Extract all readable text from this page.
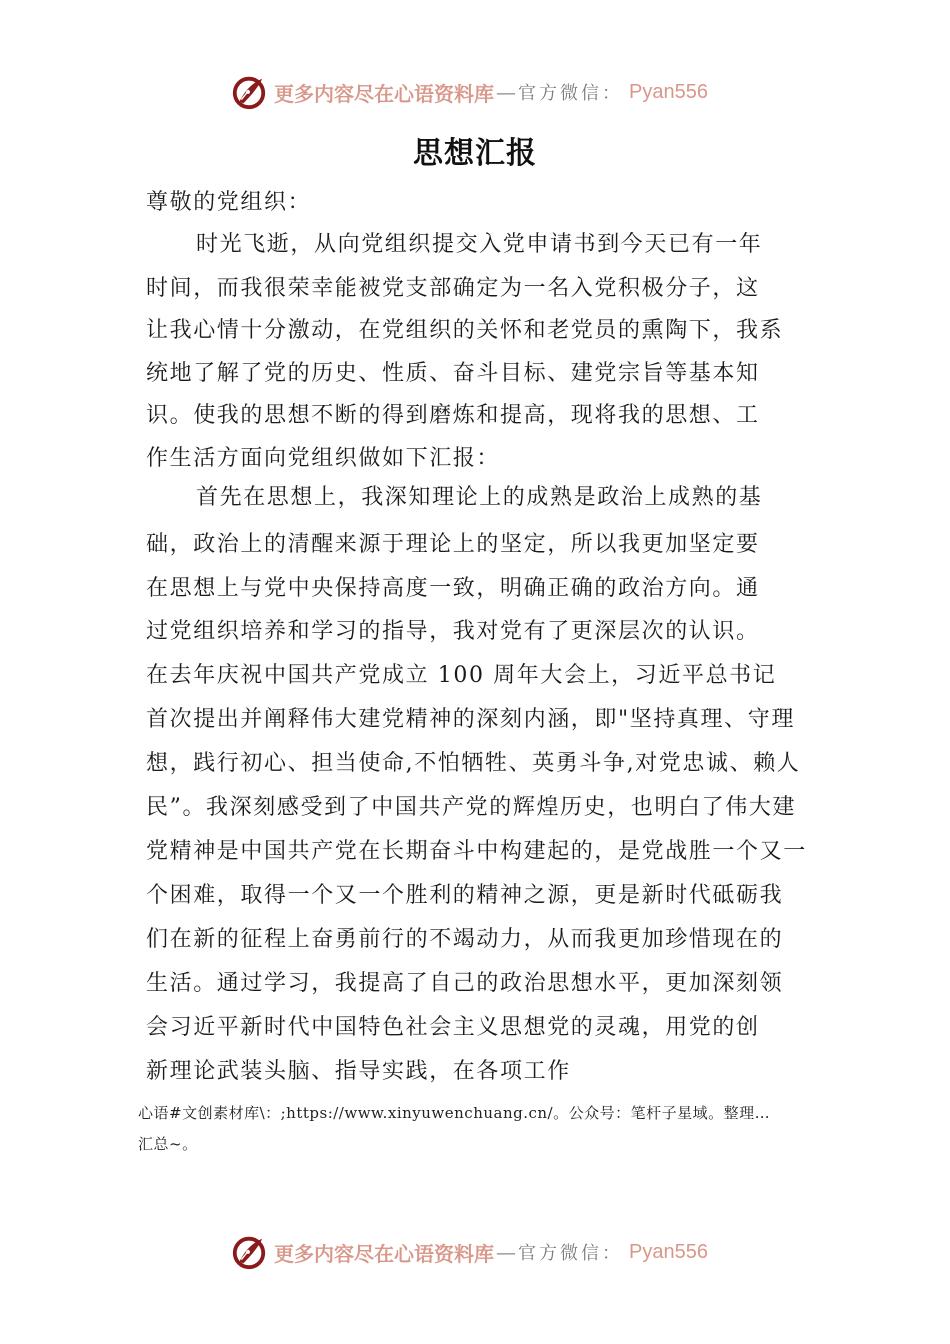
更多内容尽在心语资料库 — 官方微信： Pyan556
思想汇报
尊敬的党组织：
时光飞逝，从向党组织提交入党申请书到今天已有一年
时间，而我很荣幸能被党支部确定为一名入党积极分子，这
让我心情十分激动，在党组织的关怀和老党员的熏陶下，我系
统地了解了党的历史、性质、奋斗目标、建党宗旨等基本知
识。使我的思想不断的得到磨炼和提高，现将我的思想、工
作生活方面向党组织做如下汇报：
首先在思想上，我深知理论上的成熟是政治上成熟的基
础，政治上的清醒来源于理论上的坚定，所以我更加坚定要
在思想上与党中央保持高度一致，明确正确的政治方向。通
过党组织培养和学习的指导，我对党有了更深层次的认识。
在去年庆祝中国共产党成立 100 周年大会上，习近平总书记
首次提出并阐释伟大建党精神的深刻内涵，即"坚持真理、守理
想，践行初心、担当使命,不怕牺牲、英勇斗争,对党忠诚、赖人
民”。我深刻感受到了中国共产党的辉煌历史，也明白了伟大建
党精神是中国共产党在长期奋斗中构建起的，是党战胜一个又一
个困难，取得一个又一个胜利的精神之源，更是新时代砥砺我
们在新的征程上奋勇前行的不竭动力，从而我更加珍惜现在的
生活。通过学习，我提高了自己的政治思想水平，更加深刻领
会习近平新时代中国特色社会主义思想党的灵魂，用党的创
新理论武装头脑、指导实践，在各项工作
心语#文创素材库\：;https://www.xinyuwenchuang.cn/。公众号：笔杆子星域。整理…
汇总~。
更多内容尽在心语资料库 — 官方微信： Pyan556
